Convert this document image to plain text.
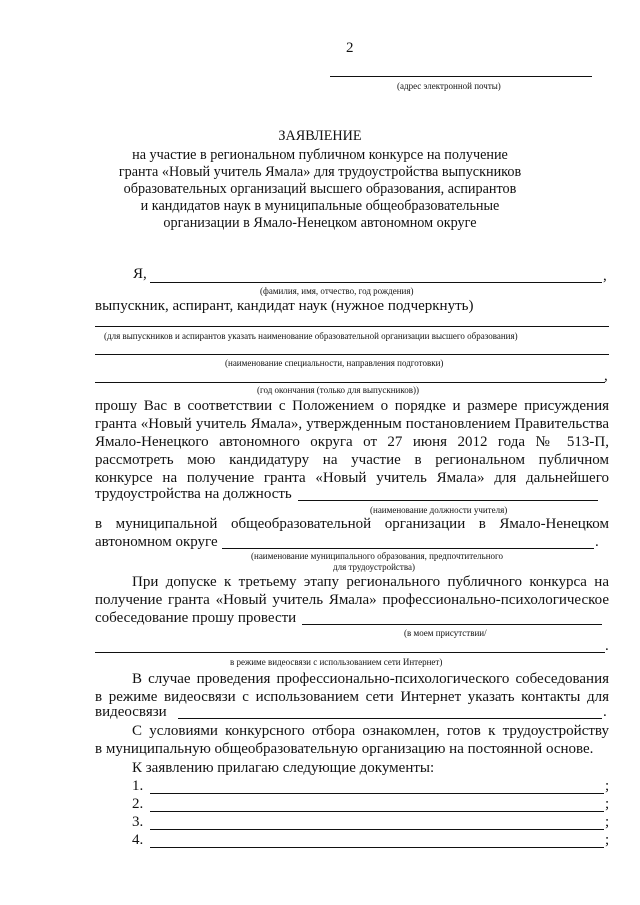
2
(адрес электронной почты)
ЗАЯВЛЕНИЕ
на участие в региональном публичном конкурсе на получение
гранта «Новый учитель Ямала» для трудоустройства выпускников
образовательных организаций высшего образования, аспирантов
и кандидатов наук в муниципальные общеобразовательные
организации в Ямало-Ненецком автономном округе
Я,	,
(фамилия, имя, отчество, год рождения)
выпускник, аспирант, кандидат наук (нужное подчеркнуть)
(для выпускников и аспирантов указать наименование образовательной организации высшего образования)
(наименование специальности, направления подготовки)
,
(год окончания (только для выпускников))
прошу Вас в соответствии с Положением о порядке и размере присуждения
гранта «Новый учитель Ямала», утвержденным постановлением Правительства
Ямало-Ненецкого автономного округа от 27 июня 2012 года № 513-П,
рассмотреть мою кандидатуру на участие в региональном публичном
конкурсе на получение гранта «Новый учитель Ямала» для дальнейшего
трудоустройства на должность
(наименование должности учителя)
в муниципальной общеобразовательной организации в Ямало-Ненецком
автономном округе	.
(наименование муниципального образования, предпочтительного
для трудоустройства)
При допуске к третьему этапу регионального публичного конкурса на
получение гранта «Новый учитель Ямала» профессионально-психологическое
собеседование прошу провести
(в моем присутствии/
.
в режиме видеосвязи с использованием сети Интернет)
В случае проведения профессионально-психологического собеседования
в режиме видеосвязи с использованием сети Интернет указать контакты для
видеосвязи	.
С условиями конкурсного отбора ознакомлен, готов к трудоустройству
в муниципальную общеобразовательную организацию на постоянной основе.
К заявлению прилагаю следующие документы:
1.	;
2.	;
3.	;
4.	;
